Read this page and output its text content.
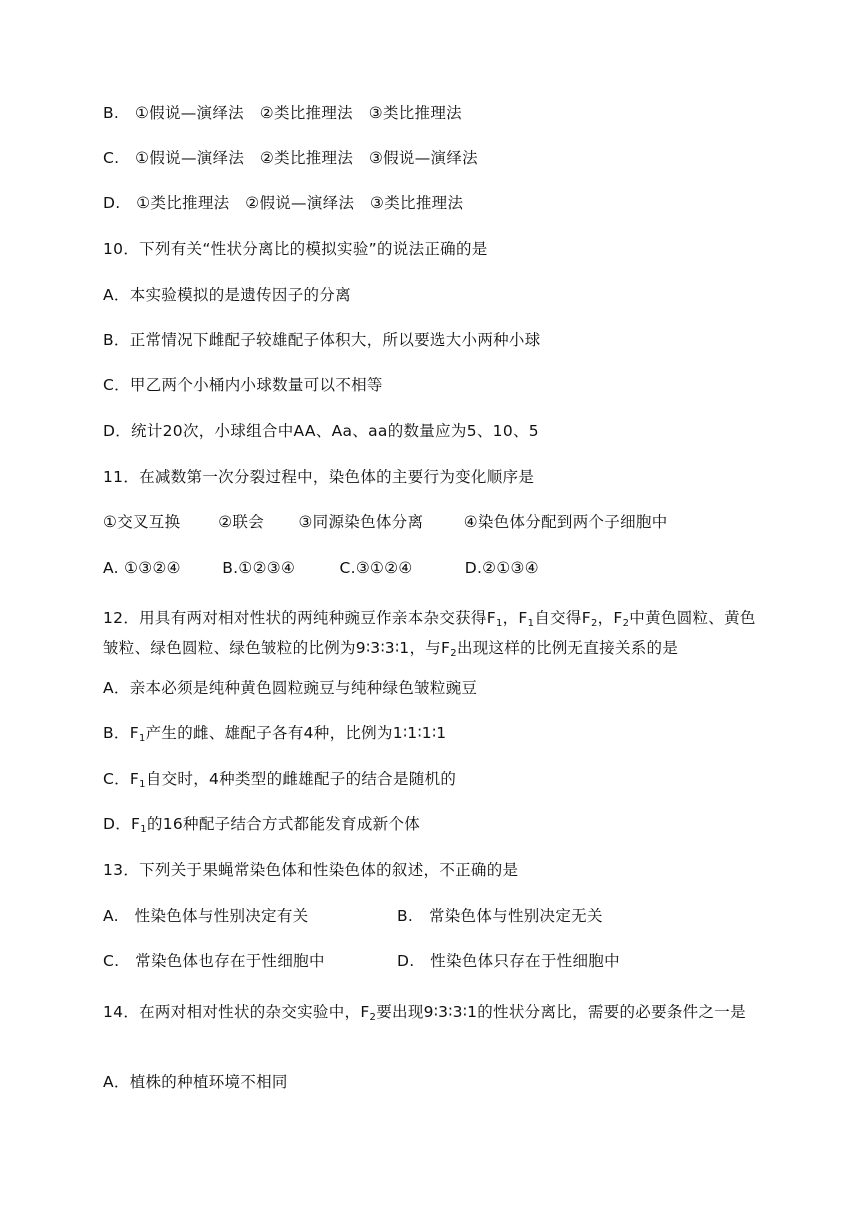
B.　①假说—演绎法　②类比推理法　③类比推理法
C.　①假说—演绎法　②类比推理法　③假说—演绎法
D.　①类比推理法　②假说—演绎法　③类比推理法
10．下列有关“性状分离比的模拟实验”的说法正确的是
A．本实验模拟的是遗传因子的分离
B．正常情况下雌配子较雄配子体积大，所以要选大小两种小球
C．甲乙两个小桶内小球数量可以不相等
D．统计20次，小球组合中AA、Aa、aa的数量应为5、10、5
11．在减数第一次分裂过程中，染色体的主要行为变化顺序是
①交叉互换 ②联会 ③同源染色体分离	④染色体分配到两个子细胞中
A. ①③②④	B.①②③④	C.③①②④	D.②①③④
12．用具有两对相对性状的两纯种豌豆作亲本杂交获得$F_1$，$F_1$自交得$F_2$，$F_2$中黄色圆粒、黄色皱粒、绿色圆粒、绿色皱粒的比例为9∶3∶3∶1，与$F_2$出现这样的比例无直接关系的是
A．亲本必须是纯种黄色圆粒豌豆与纯种绿色皱粒豌豆
B．$F_1$产生的雌、雄配子各有4种，比例为1∶1∶1∶1
C．$F_1$自交时，4种类型的雌雄配子的结合是随机的
D．$F_1$的16种配子结合方式都能发育成新个体
13．下列关于果蝇常染色体和性染色体的叙述，不正确的是
A.　性染色体与性别决定有关	B.　常染色体与性别决定无关
C.　常染色体也存在于性细胞中	D.　性染色体只存在于性细胞中
14．在两对相对性状的杂交实验中，$F_2$要出现9∶3∶3∶1的性状分离比，需要的必要条件之一是
A．植株的种植环境不相同
